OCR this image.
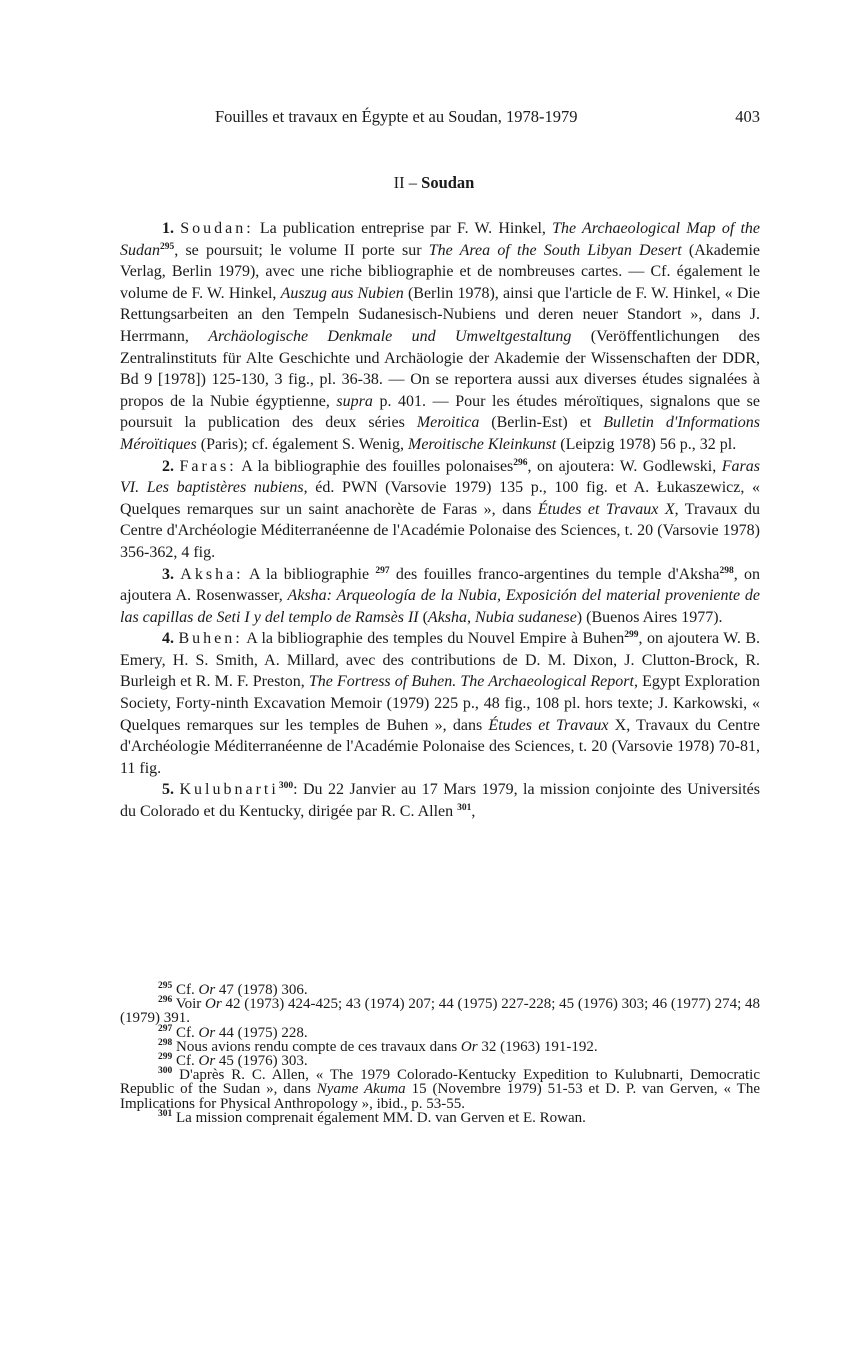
Fouilles et travaux en Égypte et au Soudan, 1978-1979	403
II – Soudan

1. Soudan: La publication entreprise par F. W. Hinkel, The Archaeological Map of the Sudan$^{295}$, se poursuit; le volume II porte sur The Area of the South Libyan Desert (Akademie Verlag, Berlin 1979), avec une riche bibliographie et de nombreuses cartes. — Cf. également le volume de F. W. Hinkel, Auszug aus Nubien (Berlin 1978), ainsi que l'article de F. W. Hinkel, « Die Rettungsarbeiten an den Tempeln Sudanesisch-Nubiens und deren neuer Standort », dans J. Herrmann, Archäologische Denkmale und Umweltgestaltung (Veröffentlichungen des Zentralinstituts für Alte Geschichte und Archäologie der Akademie der Wissenschaften der DDR, Bd 9 [1978]) 125-130, 3 fig., pl. 36-38. — On se reportera aussi aux diverses études signalées à propos de la Nubie égyptienne, supra p. 401. — Pour les études méroïtiques, signalons que se poursuit la publication des deux séries Meroitica (Berlin-Est) et Bulletin d'Informations Méroïtiques (Paris); cf. également S. Wenig, Meroitische Kleinkunst (Leipzig 1978) 56 p., 32 pl.

2. Faras: A la bibliographie des fouilles polonaises$^{296}$, on ajoutera: W. Godlewski, Faras VI. Les baptistères nubiens, éd. PWN (Varsovie 1979) 135 p., 100 fig. et A. Łukaszewicz, « Quelques remarques sur un saint anachorète de Faras », dans Études et Travaux X, Travaux du Centre d'Archéologie Méditerranéenne de l'Académie Polonaise des Sciences, t. 20 (Varsovie 1978) 356-362, 4 fig.

3. Aksha: A la bibliographie $^{297}$ des fouilles franco-argentines du temple d'Aksha$^{298}$, on ajoutera A. Rosenwasser, Aksha: Arqueología de la Nubia, Exposición del material proveniente de las capillas de Seti I y del templo de Ramsès II (Aksha, Nubia sudanese) (Buenos Aires 1977).

4. Buhen: A la bibliographie des temples du Nouvel Empire à Buhen$^{299}$, on ajoutera W. B. Emery, H. S. Smith, A. Millard, avec des contributions de D. M. Dixon, J. Clutton-Brock, R. Burleigh et R. M. F. Preston, The Fortress of Buhen. The Archaeological Report, Egypt Exploration Society, Forty-ninth Excavation Memoir (1979) 225 p., 48 fig., 108 pl. hors texte; J. Karkowski, « Quelques remarques sur les temples de Buhen », dans Études et Travaux X, Travaux du Centre d'Archéologie Méditerranéenne de l'Académie Polonaise des Sciences, t. 20 (Varsovie 1978) 70-81, 11 fig.

5. Kulubnarti$^{300}$: Du 22 Janvier au 17 Mars 1979, la mission conjointe des Universités du Colorado et du Kentucky, dirigée par R. C. Allen $^{301}$,

$^{295}$ Cf. Or 47 (1978) 306.

$^{296}$ Voir Or 42 (1973) 424-425; 43 (1974) 207; 44 (1975) 227-228; 45 (1976) 303; 46 (1977) 274; 48 (1979) 391.

$^{297}$ Cf. Or 44 (1975) 228.

$^{298}$ Nous avions rendu compte de ces travaux dans Or 32 (1963) 191-192.

$^{299}$ Cf. Or 45 (1976) 303.

$^{300}$ D'après R. C. Allen, « The 1979 Colorado-Kentucky Expedition to Kulubnarti, Democratic Republic of the Sudan », dans Nyame Akuma 15 (Novembre 1979) 51-53 et D. P. van Gerven, « The Implications for Physical Anthropology », ibid., p. 53-55.

$^{301}$ La mission comprenait également MM. D. van Gerven et E. Rowan.
